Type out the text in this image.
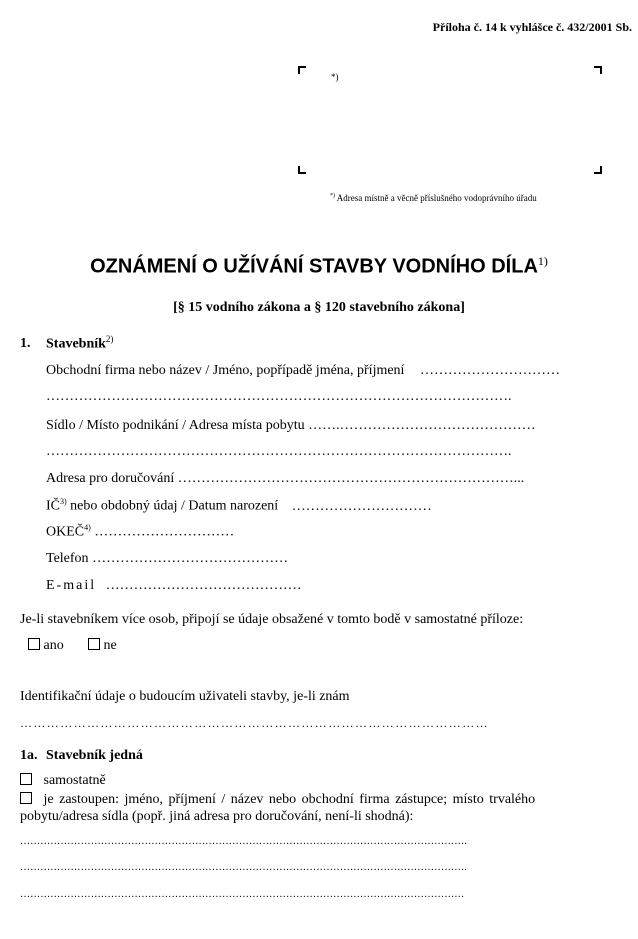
Příloha č. 14 k vyhlášce č. 432/2001 Sb.
*)
*) Adresa místně a věcně příslušného vodoprávního úřadu
OZNÁMENÍ O UŽÍVÁNÍ STAVBY VODNÍHO DÍLA$^{1)}$
[§ 15 vodního zákona a § 120 stavebního zákona]
1. Stavebník$^{2)}$
Obchodní firma nebo název / Jméno, popřípadě jména, příjmení …………………………
……………………………………………………………………………………….
Sídlo / Místo podnikání / Adresa místa pobytu …….……………………………………
……………………………………………………………………………………….
Adresa pro doručování ………………………………………………………………...
IČ$^{3)}$ nebo obdobný údaj / Datum narození …………………………
OKEČ$^{4)}$ …………………………
Telefon ……………………………………
E-mail ……………………………………
Je-li stavebníkem více osob, připojí se údaje obsažené v tomto bodě v samostatné příloze:
ano	ne
Identifikační údaje o budoucím uživateli stavby, je-li znám
……………………………………………………………………………………………
1a. Stavebník jedná
samostatně
je zastoupen: jméno, příjmení / název nebo obchodní firma zástupce; místo trvalého
pobytu/adresa sídla (popř. jiná adresa pro doručování, není-li shodná):
…………………………………………………………………………………………………………………….
…………………………………………………………………………………………………………………….
……………………………………………………………………………………………………………………
